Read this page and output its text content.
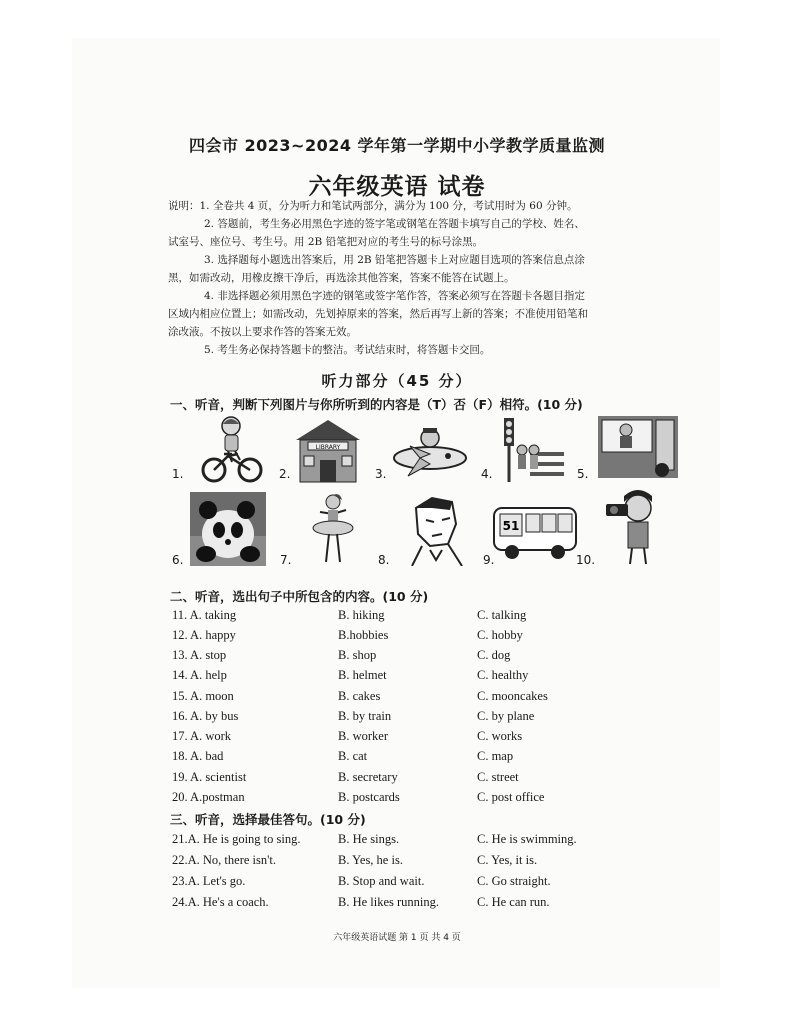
四会市 2023~2024 学年第一学期中小学教学质量监测
六年级英语 试卷

说明：1. 全卷共 4 页，分为听力和笔试两部分，满分为 100 分，考试用时为 60 分钟。

2. 答题前，考生务必用黑色字迹的签字笔或钢笔在答题卡填写自己的学校、姓名、

试室号、座位号、考生号。用 2B 铅笔把对应的考生号的标号涂黑。

3. 选择题每小题选出答案后，用 2B 铅笔把答题卡上对应题目选项的答案信息点涂

黑，如需改动，用橡皮擦干净后，再选涂其他答案，答案不能答在试题上。

4. 非选择题必须用黑色字迹的钢笔或签字笔作答，答案必须写在答题卡各题目指定

区域内相应位置上；如需改动，先划掉原来的答案，然后再写上新的答案；不准使用铅笔和

涂改液。不按以上要求作答的答案无效。

5. 考生务必保持答题卡的整洁。考试结束时，将答题卡交回。

听力部分（45 分）
一、听音，判断下列图片与你所听到的内容是（T）否（F）相符。(10 分)
1.	2.
LIBRARY
3.	4.	5.
6.	7.	8.	9.
51
10.
二、听音，选出句子中所包含的内容。(10 分)
11. A. taking	B. hiking	C. talking
12. A. happy	B.hobbies	C. hobby
13. A. stop	B. shop	C. dog
14. A. help	B. helmet	C. healthy
15. A. moon	B. cakes	C. mooncakes
16. A. by bus	B. by train	C. by plane
17. A. work	B. worker	C. works
18. A. bad	B. cat	C. map
19. A. scientist	B. secretary	C. street
20. A.postman	B. postcards	C. post office
三、听音，选择最佳答句。(10 分)
21.A. He is going to sing.	B. He sings.	C. He is swimming.
22.A. No, there isn't.	B. Yes, he is.	C. Yes, it is.
23.A. Let's go.	B. Stop and wait.	C. Go straight.
24.A. He's a coach.	B. He likes running.	C. He can run.
六年级英语试题 第 1 页 共 4 页
